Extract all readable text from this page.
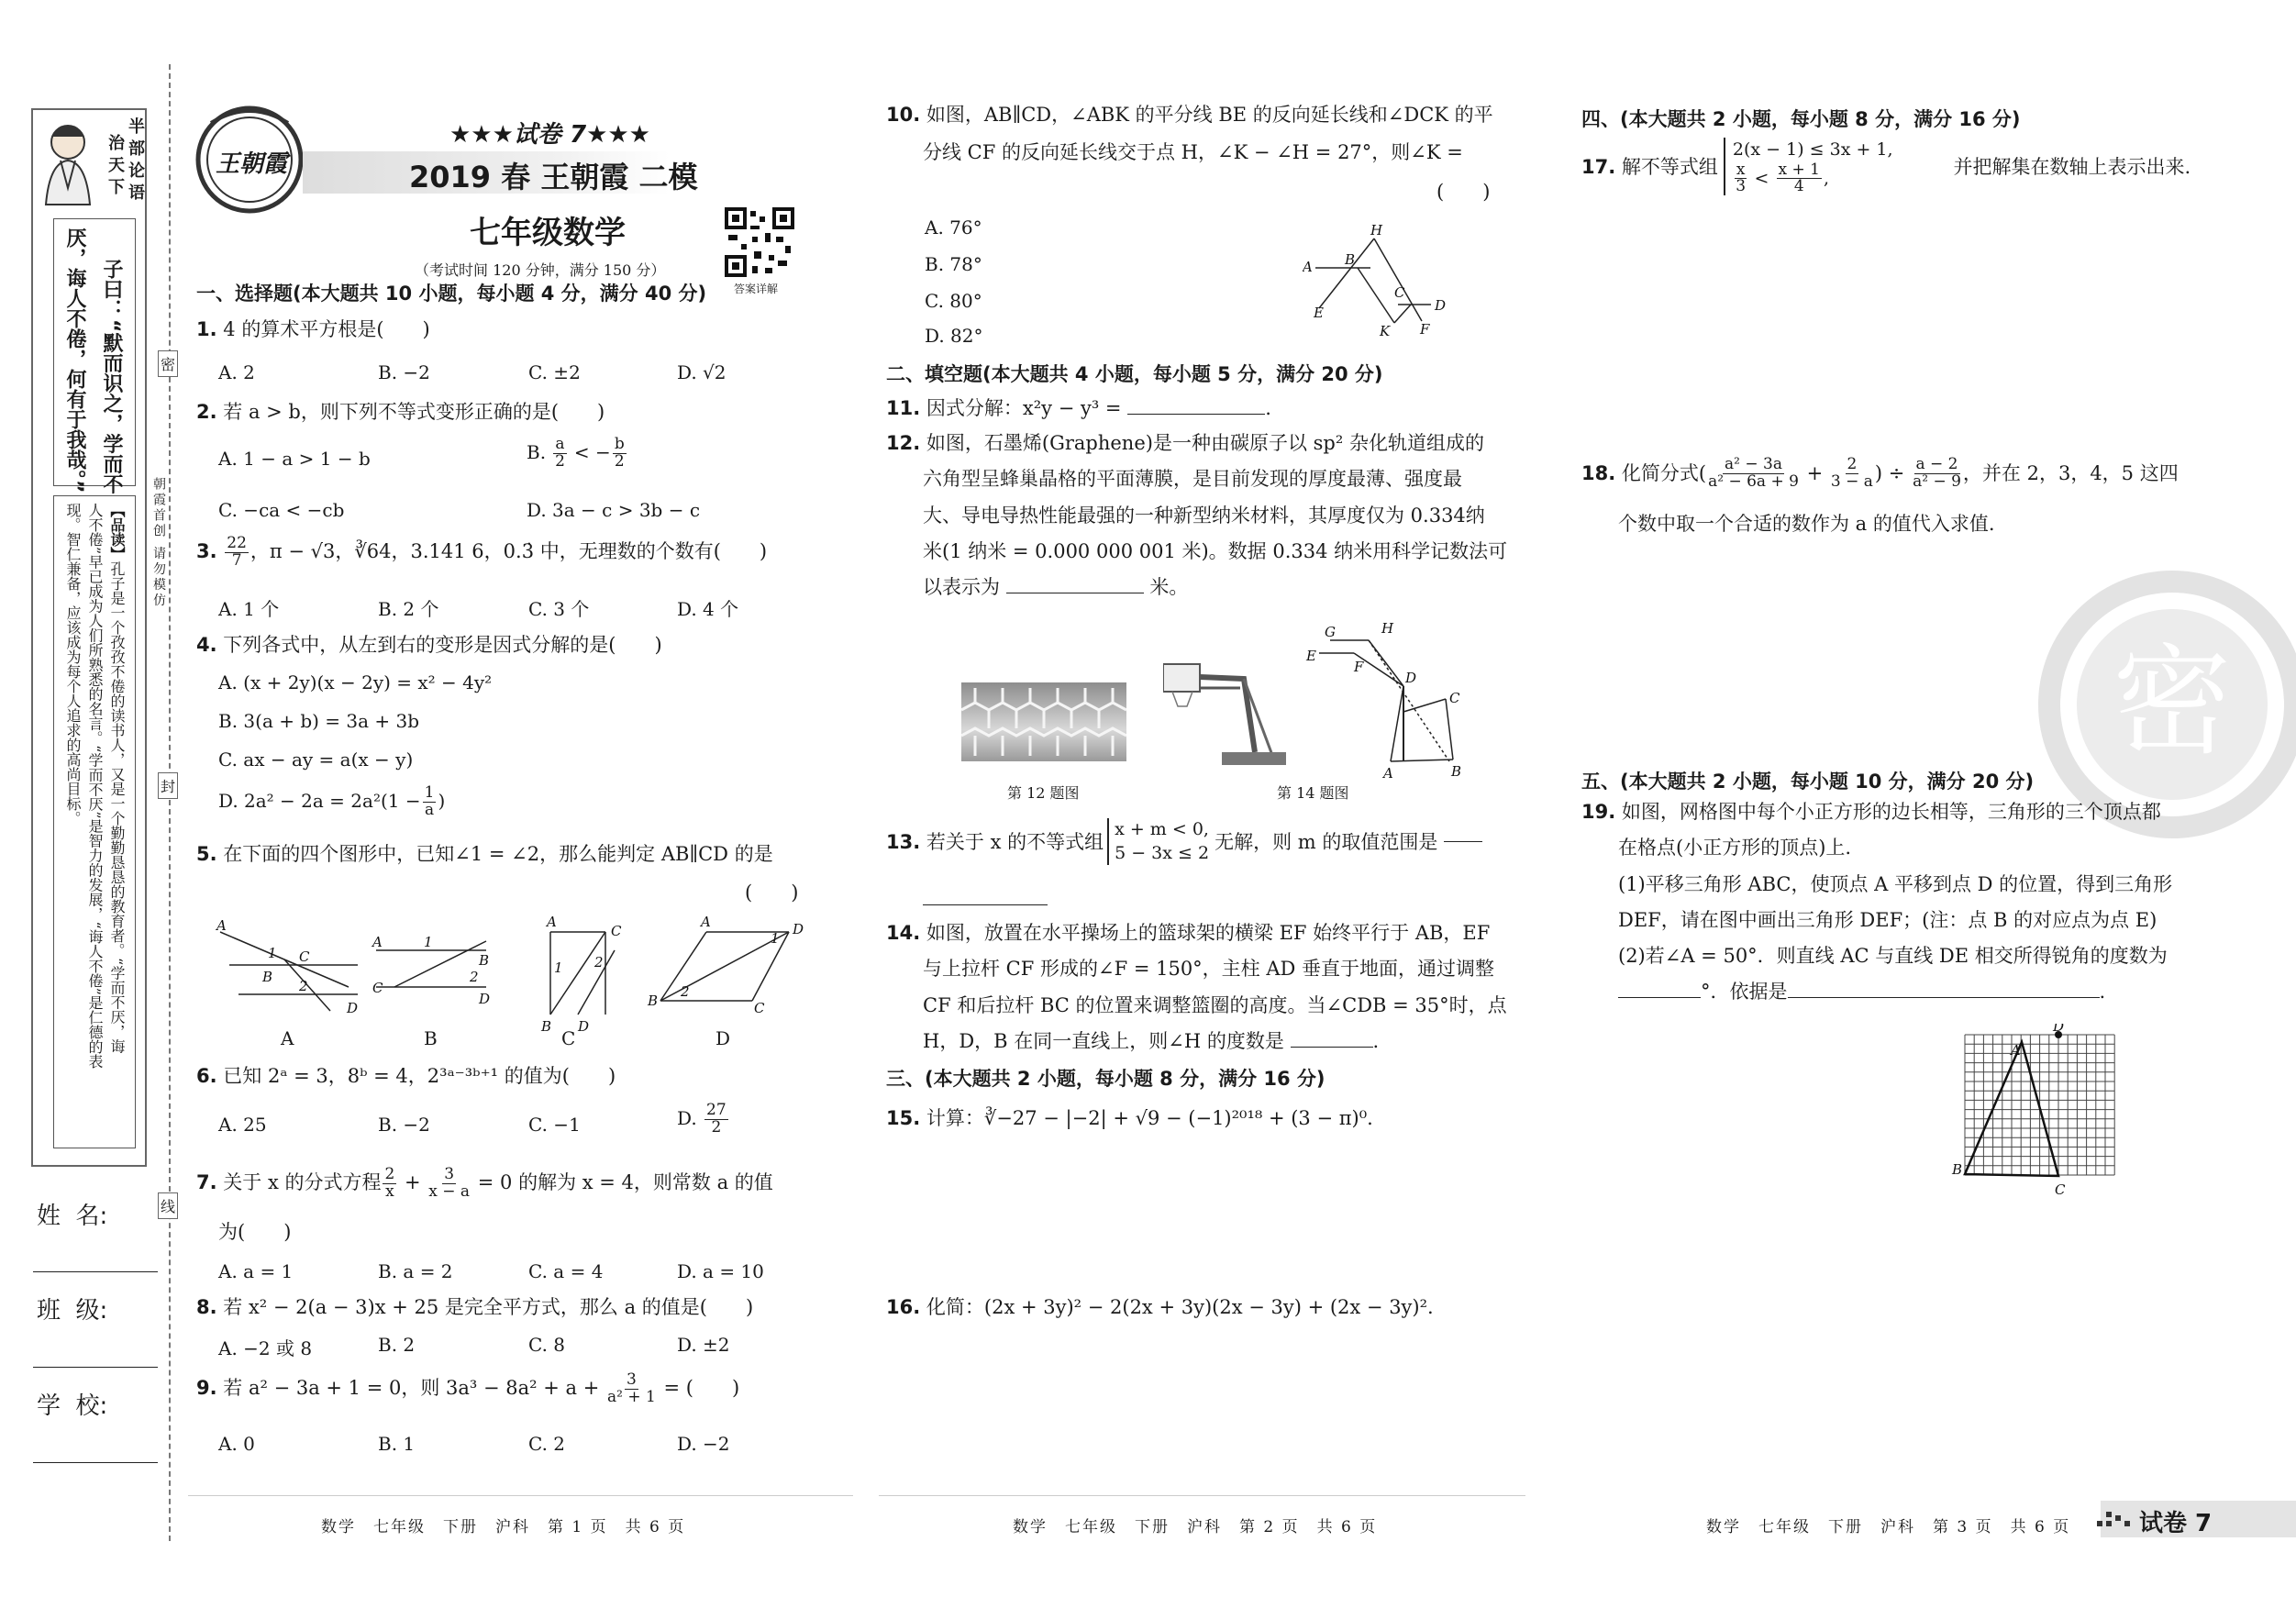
半部论语
治天下
子曰：“默而识之，学而不
厌，诲人不倦，何有于我哉。”
【品读】孔子是一个孜孜不倦的读书人，又是一个勤勤恳恳的教育者。“学而不厌，诲
人不倦”早已成为人们所熟悉的名言。“学而不厌”是智力的发展，“诲人不倦”是仁德的表
现。智仁兼备，应该成为每个人追求的高尚目标。
姓  名:
班  级:
学  校:
密
封
线
朝霞首创 请勿模仿
王朝霞
★★★试卷 7★★★
2019 春 王朝霞 二模
七年级数学
（考试时间 120 分钟，满分 150 分）
答案详解
一、选择题(本大题共 10 小题，每小题 4 分，满分 40 分)
1. 4 的算术平方根是(　　)
A. 2	B. −2	C. ±2	D. √2
2. 若 a > b，则下列不等式变形正确的是(　　)
A. 1 − a > 1 − b	B. $\frac{a}{2}$ < − $\frac{b}{2}$
C. −ca < −cb	D. 3a − c > 3b − c
3. $\frac{22}{7}$ ，π − √3，∛64，3.141 6，0.3̇ 中，无理数的个数有(　　)
A. 1 个	B. 2 个	C. 3 个	D. 4 个
4. 下列各式中，从左到右的变形是因式分解的是(　　)
A. (x + 2y)(x − 2y) = x² − 4y²
B. 3(a + b) = 3a + 3b
C. ax − ay = a(x − y)
D. $2a^2 - 2a = 2a^2(1 - \frac{1}{a}$ )
5. 在下面的四个图形中，已知∠1 = ∠2，那么能判定 AB∥CD 的是
(　　)
A
1
B
C
2
D
A	1
B
C
2
D
A
C
1 2
B D
A
1
D
B
2
C
A	B	C	D
6. 已知 2ᵃ = 3，8ᵇ = 4，2³ᵃ⁻³ᵇ⁺¹ 的值为(　　)
A. 25	B. −2	C. −1	D. $\frac{27}{2}$
7. 关于 x 的分式方程 $\frac{2}{x} + \frac{3}{x - a} = 0$ 的解为 x = 4，则常数 a 的值
为(　　)
A. a = 1	B. a = 2	C. a = 4	D. a = 10
8. 若 x² − 2(a − 3)x + 25 是完全平方式，那么 a 的值是(　　)
A. −2 或 8	B. 2	C. 8	D. ±2
9. 若 a² − 3a + 1 = 0，则 $3a^3 - 8a^2 + a + \frac{3}{\text{a² + 1}}$ = (　　)
A. 0	B. 1	C. 2	D. −2
数学　七年级　下册　沪科　第 1 页　共 6 页
10. 如图，AB∥CD，∠ABK 的平分线 BE 的反向延长线和∠DCK 的平
分线 CF 的反向延长线交于点 H，∠K − ∠H = 27°，则∠K =
(　　)
A. 76°
B. 78°
C. 80°
D. 82°
H
A B
E
C
D
K F
二、填空题(本大题共 4 小题，每小题 5 分，满分 20 分)
11. 因式分解：x²y − y³ =	.
12. 如图，石墨烯(Graphene)是一种由碳原子以 sp² 杂化轨道组成的
六角型呈蜂巢晶格的平面薄膜，是目前发现的厚度最薄、强度最
大、导电导热性能最强的一种新型纳米材料，其厚度仅为 0.334纳
米(1 纳米 = 0.000 000 001 米)。数据 0.334 纳米用科学记数法可
以表示为	米。
G	H
E
F
D
C
A	B
第 12 题图	第 14 题图
13.
若关于 x 的不等式组
x + m < 0,
5 − 3x ≤ 2
无解，则 m 的取值范围是

14. 如图，放置在水平操场上的篮球架的横梁 EF 始终平行于 AB，EF
与上拉杆 CF 形成的∠F = 150°，主柱 AD 垂直于地面，通过调整
CF 和后拉杆 BC 的位置来调整篮圈的高度。当∠CDB = 35°时，点
H，D，B 在同一直线上，则∠H 的度数是	.
三、(本大题共 2 小题，每小题 8 分，满分 16 分)
15. 计算：∛−27 − |−2| + √9 − (−1)²⁰¹⁸ + (3 − π)⁰.
16. 化简：(2x + 3y)² − 2(2x + 3y)(2x − 3y) + (2x − 3y)².
数学　七年级　下册　沪科　第 2 页　共 6 页
四、(本大题共 2 小题，每小题 8 分，满分 16 分)
17.
解不等式组
2(x − 1) ≤ 3x + 1,
$\frac{x}{3} < \frac{x + 1}{4}$ ,
并把解集在数轴上表示出来.
18.
化简分式 ( $\frac{\text{a² − 3a}}{\text{a² − 6a + 9}}$
+
$\frac{2}{3 - a}$ ) ÷
$\frac{a - 2}{\text{a² − 9}}$ ，并在 2，3，4，5 这四
个数中取一个合适的数作为 a 的值代入求值.
密
五、(本大题共 2 小题，每小题 10 分，满分 20 分)
19. 如图，网格图中每个小正方形的边长相等，三角形的三个顶点都
在格点(小正方形的顶点)上.
(1)平移三角形 ABC，使顶点 A 平移到点 D 的位置，得到三角形
DEF，请在图中画出三角形 DEF；(注：点 B 的对应点为点 E)
(2)若∠A = 50°．则直线 AC 与直线 DE 相交所得锐角的度数为
°．依据是	.
D
A
B
C
数学　七年级　下册　沪科　第 3 页　共 6 页	试卷 7
